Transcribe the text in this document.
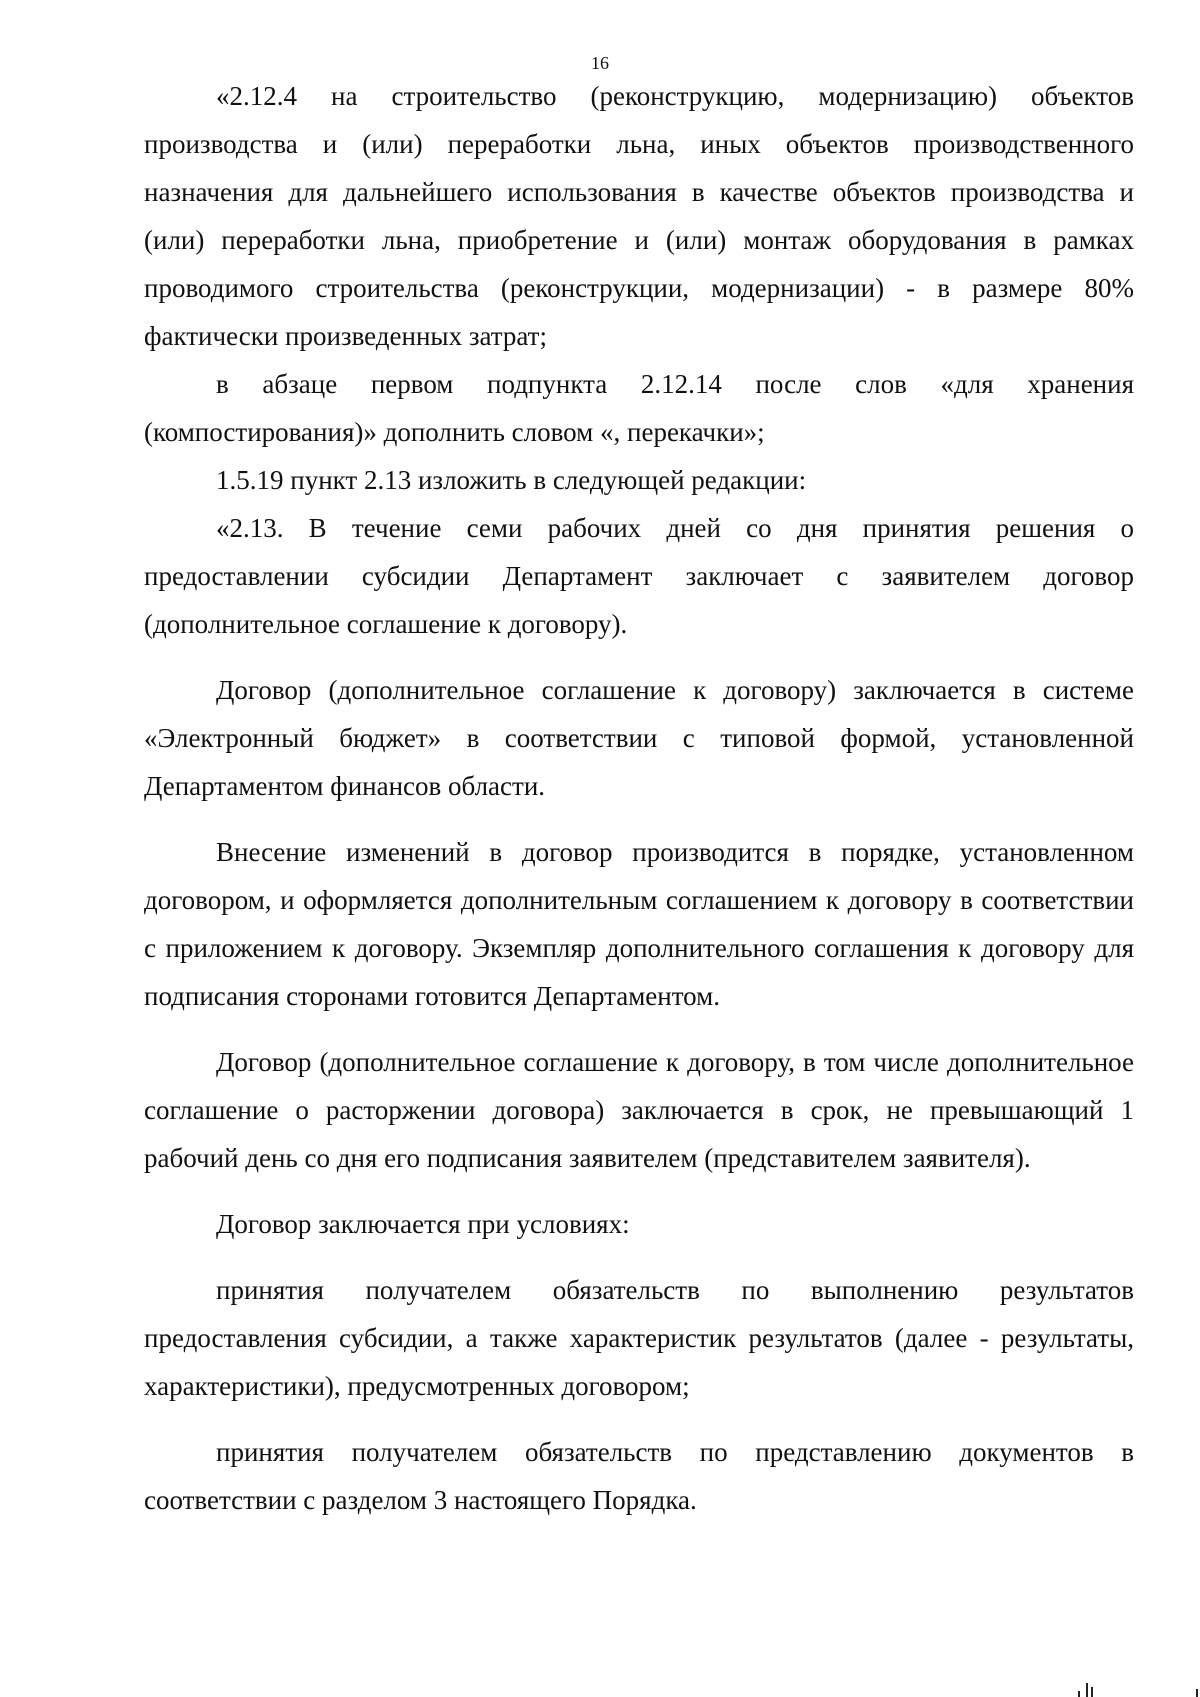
16

«2.12.4 на строительство (реконструкцию, модернизацию) объектов производства и (или) переработки льна, иных объектов производственного назначения для дальнейшего использования в качестве объектов производства и (или) переработки льна, приобретение и (или) монтаж оборудования в рамках проводимого строительства (реконструкции, модернизации) - в размере 80% фактически произведенных затрат;

в абзаце первом подпункта 2.12.14 после слов «для хранения (компостирования)» дополнить словом «, перекачки»;

1.5.19 пункт 2.13 изложить в следующей редакции:

«2.13. В течение семи рабочих дней со дня принятия решения о предоставлении субсидии Департамент заключает с заявителем договор (дополнительное соглашение к договору).

Договор (дополнительное соглашение к договору) заключается в системе «Электронный бюджет» в соответствии с типовой формой, установленной Департаментом финансов области.

Внесение изменений в договор производится в порядке, установленном договором, и оформляется дополнительным соглашением к договору в соответствии с приложением к договору. Экземпляр дополнительного соглашения к договору для подписания сторонами готовится Департаментом.

Договор (дополнительное соглашение к договору, в том числе дополнительное соглашение о расторжении договора) заключается в срок, не превышающий 1 рабочий день со дня его подписания заявителем (представителем заявителя).

Договор заключается при условиях:

принятия получателем обязательств по выполнению результатов предоставления субсидии, а также характеристик результатов (далее - результаты, характеристики), предусмотренных договором;

принятия получателем обязательств по представлению документов в соответствии с разделом 3 настоящего Порядка.
